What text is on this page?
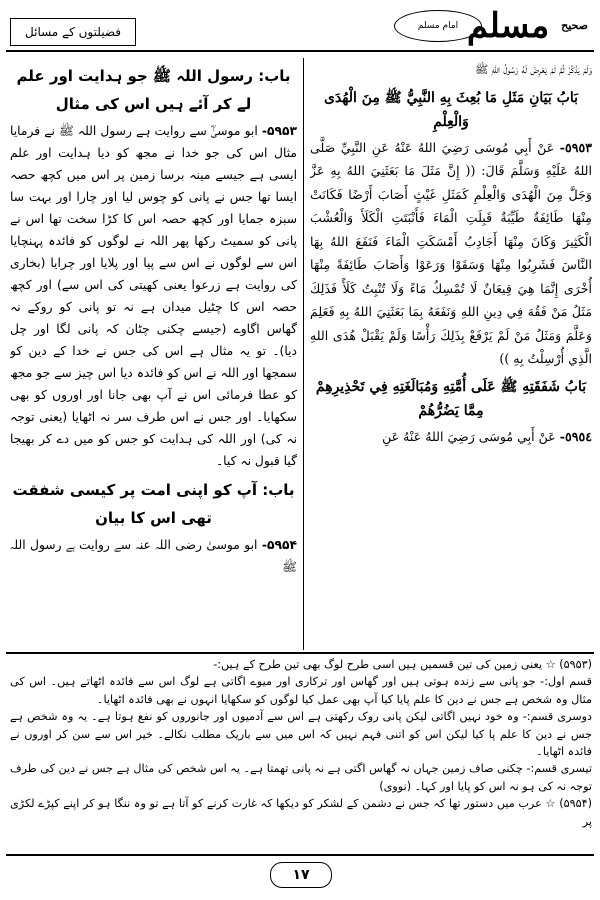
فضیلتوں کے مسائل	امام مسلم	$^{صحیح}$ مسلم

وَلَمْ يَذْكُرْ ثُمَّ لَمْ يَعْرِضْ لَهُ رَسُولُ اللهِ ﷺ

بَابُ بَيَانِ مَثَلِ مَا بُعِثَ بِهِ النَّبِيُّ ﷺ مِنَ الْهُدَى وَالْعِلْمِ

٥٩٥٣- عَنْ أَبِي مُوسَى رَضِيَ اللهُ عَنْهُ عَنِ النَّبِيِّ صَلَّى اللهُ عَلَيْهِ وَسَلَّمَ قَالَ: (( إِنَّ مَثَلَ مَا بَعَثَنِيَ اللهُ بِهِ عَزَّ وَجَلَّ مِنَ الْهُدَى وَالْعِلْمِ كَمَثَلِ غَيْثٍ أَصَابَ أَرْضًا فَكَانَتْ مِنْهَا طَائِفَةٌ طَيِّبَةٌ قَبِلَتِ الْمَاءَ فَأَنْبَتَتِ الْكَلَأَ وَالْعُشْبَ الْكَثِيرَ وَكَانَ مِنْهَا أَجَادِبُ أَمْسَكَتِ الْمَاءَ فَنَفَعَ اللهُ بِهَا النَّاسَ فَشَرِبُوا مِنْهَا وَسَقَوْا وَرَعَوْا وَأَصَابَ طَائِفَةً مِنْهَا أُخْرَى إِنَّمَا هِيَ قِيعَانٌ لَا تُمْسِكُ مَاءً وَلَا تُنْبِتُ كَلَأً فَذَلِكَ مَثَلُ مَنْ فَقُهَ فِي دِينِ اللهِ وَنَفَعَهُ بِمَا بَعَثَنِيَ اللهُ بِهِ فَعَلِمَ وَعَلَّمَ وَمَثَلُ مَنْ لَمْ يَرْفَعْ بِذَلِكَ رَأْسًا وَلَمْ يَقْبَلْ هُدَى اللهِ الَّذِي أُرْسِلْتُ بِهِ ))

بَابُ شَفَقَتِهِ ﷺ عَلَى أُمَّتِهِ وَمُبَالَغَتِهِ فِي تَحْذِيرِهِمْ مِمَّا يَضُرُّهُمْ

٥٩٥٤- عَنْ أَبِي مُوسَى رَضِيَ اللهُ عَنْهُ عَنِ

باب: رسول اللہ ﷺ جو ہدایت اور علم لے کر آئے ہیں اس کی مثال

۵۹۵۳- ابو موسیٰؓ سے روایت ہے رسول اللہ ﷺ نے فرمایا مثال اس کی جو خدا نے مجھ کو دیا ہدایت اور علم ایسی ہے جیسے مینہ برسا زمین پر اس میں کچھ حصہ ایسا تھا جس نے پانی کو چوس لیا اور چارا اور بہت سا سبزہ جمایا اور کچھ حصہ اس کا کڑا سخت تھا اس نے پانی کو سمیٹ رکھا پھر اللہ نے لوگوں کو فائدہ پہنچایا اس سے لوگوں نے اس سے پیا اور پلایا اور چرایا (بخاری کی روایت ہے زرعوا یعنی کھیتی کی اس سے) اور کچھ حصہ اس کا چٹیل میدان ہے نہ تو پانی کو روکے نہ گھاس اگاوے (جیسے چکنی چٹان کہ پانی لگا اور چل دیا)۔ تو یہ مثال ہے اس کی جس نے خدا کے دین کو سمجھا اور اللہ نے اس کو فائدہ دیا اس چیز سے جو مجھ کو عطا فرمائی اس نے آپ بھی جانا اور اوروں کو بھی سکھایا۔ اور جس نے اس طرف سر نہ اٹھایا (یعنی توجہ نہ کی) اور اللہ کی ہدایت کو جس کو میں دے کر بھیجا گیا قبول نہ کیا۔

باب: آپ کو اپنی امت پر کیسی شفقت تھی اس کا بیان

۵۹۵۴- ابو موسیٰ رضی اللہ عنہ سے روایت ہے رسول اللہ ﷺ

(۵۹۵۳) ☆ یعنی زمین کی تین قسمیں ہیں اسی طرح لوگ بھی تین طرح کے ہیں:-

قسم اول:- جو پانی سے زندہ ہوتی ہیں اور گھاس اور ترکاری اور میوے اگاتی ہے لوگ اس سے فائدہ اٹھاتے ہیں۔ اس کی مثال وہ شخص ہے جس نے دین کا علم پایا کیا آپ بھی عمل کیا لوگوں کو سکھایا انہوں نے بھی فائدہ اٹھایا۔

دوسری قسم:- وہ خود نہیں اگاتی لیکن پانی روک رکھتی ہے اس سے آدمیوں اور جانوروں کو نفع ہوتا ہے۔ یہ وہ شخص ہے جس نے دین کا علم پا کیا لیکن اس کو اتنی فہم نہیں کہ اس میں سے باریک مطلب نکالے۔ خیر اس سے سن کر اوروں نے فائدہ اٹھایا۔

تیسری قسم:- چکنی صاف زمین جہاں نہ گھاس اگتی ہے نہ پانی تھمتا ہے۔ یہ اس شخص کی مثال ہے جس نے دین کی طرف توجہ نہ کی ہو نہ اس کو پایا اور کہا۔ (نووی)

(۵۹۵۴) ☆ عرب میں دستور تھا کہ جس نے دشمن کے لشکر کو دیکھا کہ غارت کرنے کو آتا ہے تو وہ ننگا ہو کر اپنے کپڑے لکڑی پر

۱۷
